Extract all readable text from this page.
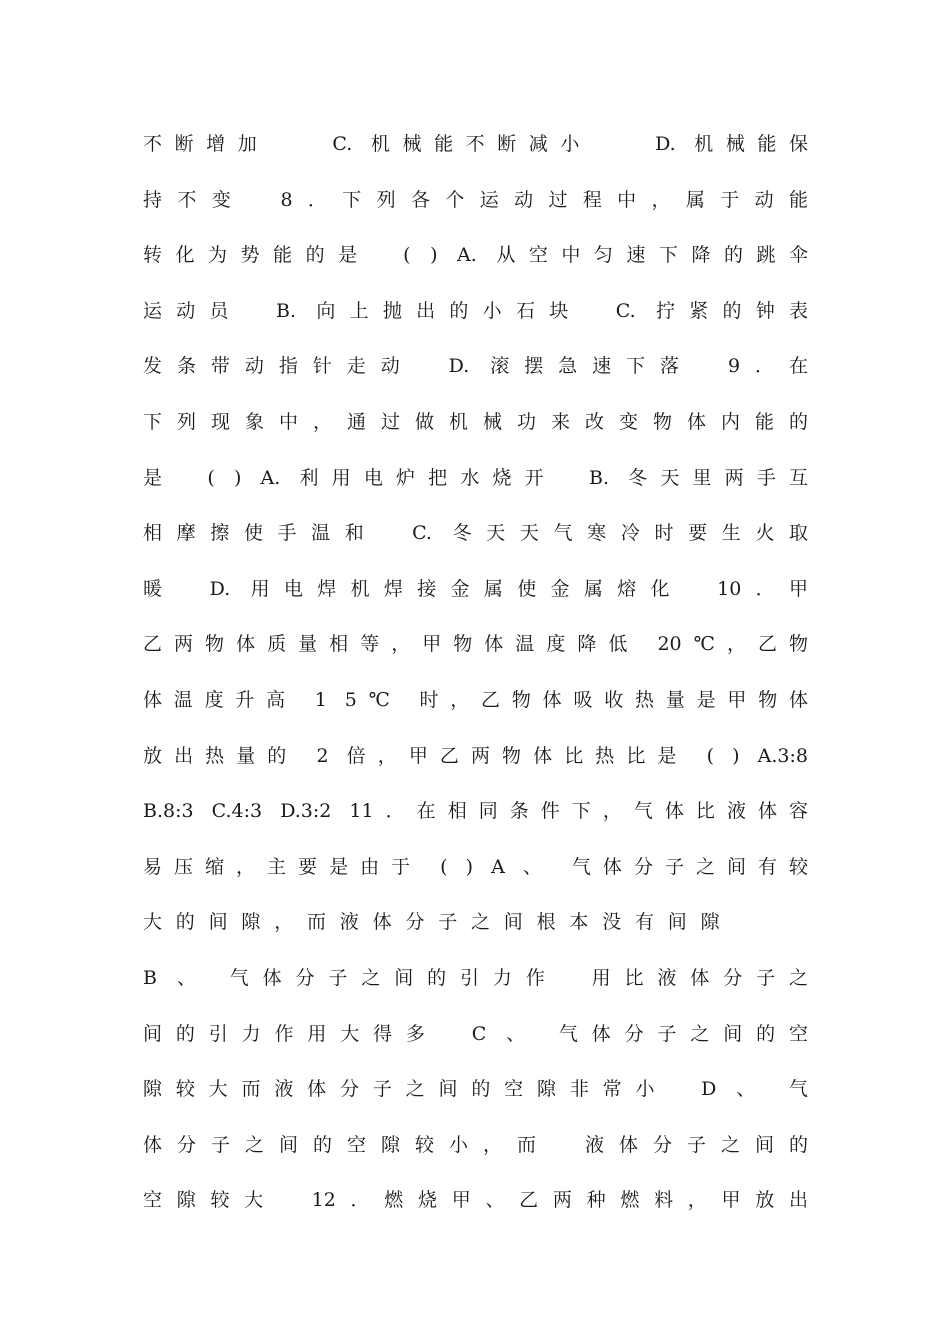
不断增加　　C. 机械能不断减小　　D. 机械能保
持不变　8．下列各个运动过程中，属于动能
转化为势能的是　( ) A. 从空中匀速下降的跳伞
运动员　B. 向上抛出的小石块　C. 拧紧的钟表
发条带动指针走动　D. 滚摆急速下落　9．在
下列现象中，通过做机械功来改变物体内能的
是　( ) A. 利用电炉把水烧开　B. 冬天里两手互
相摩擦使手温和　C. 冬天天气寒冷时要生火取
暖　D. 用电焊机焊接金属使金属熔化　10．甲
乙两物体质量相等，甲物体温度降低 20℃，乙物
体温度升高 1 5℃ 时，乙物体吸收热量是甲物体
放出热量的 2 倍，甲乙两物体比热比是 ( ) A.3:8
B.8:3 C.4:3 D.3:2 11．在相同条件下，气体比液体容
易压缩，主要是由于 ( ) A 、 气体分子之间有较
大的间隙，而液体分子之间根本没有间隙
B 、 气体分子之间的引力作　用比液体分子之
间的引力作用大得多　C 、 气体分子之间的空
隙较大而液体分子之间的空隙非常小　D 、 气
体分子之间的空隙较小，而　液体分子之间的
空隙较大　12．燃烧甲、乙两种燃料，甲放出
